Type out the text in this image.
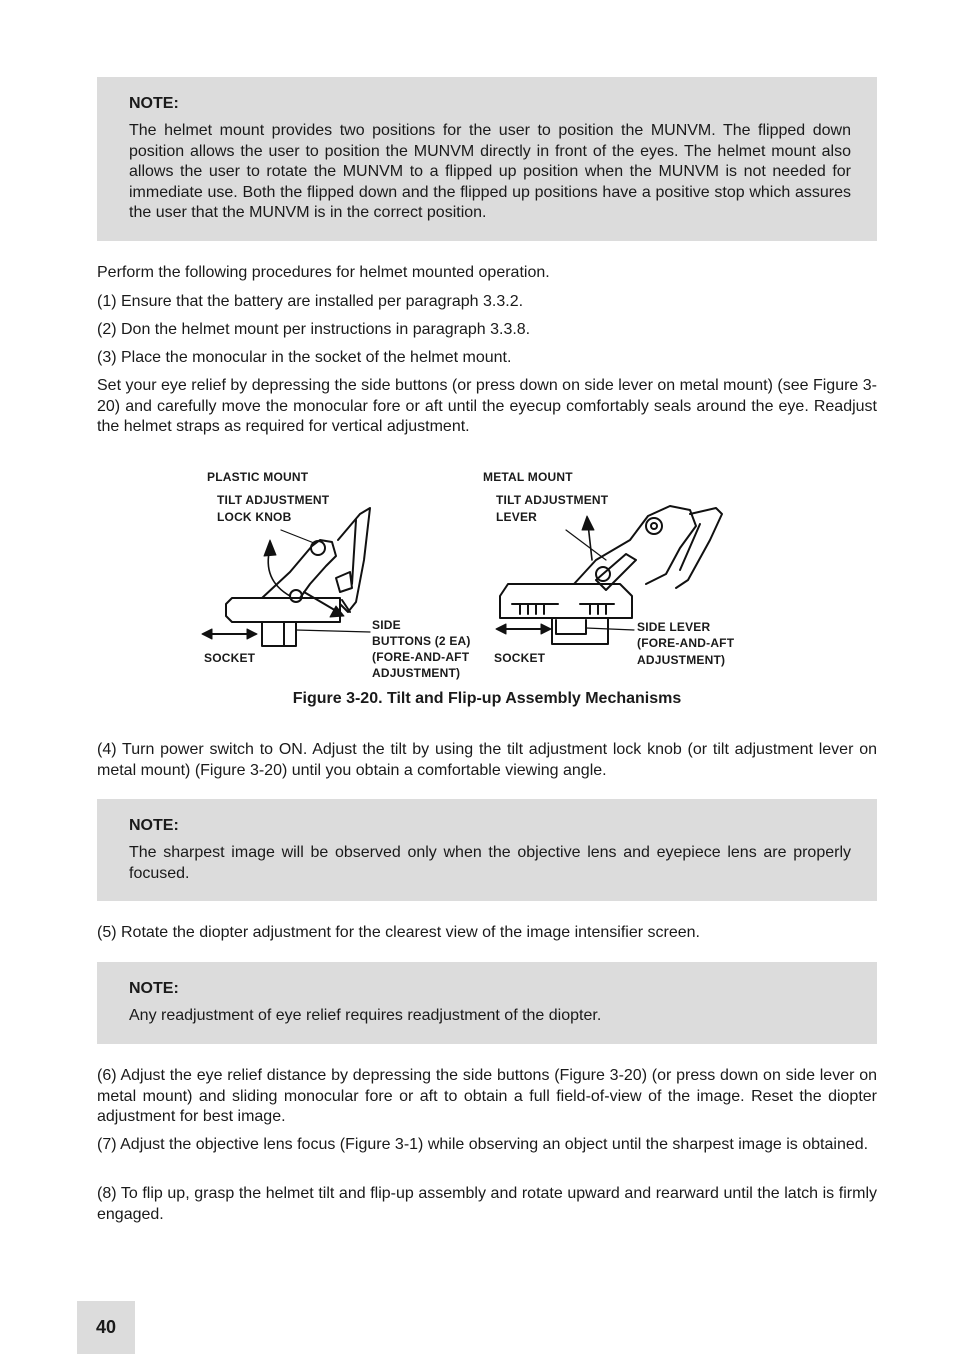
NOTE:

The helmet mount provides two positions for the user to position the MUNVM. The flipped down position allows the user to position the MUNVM directly in front of the eyes. The helmet mount also allows the user to rotate the MUNVM to a flipped up position when the MUNVM is not needed for immediate use. Both the flipped down and the flipped up positions have a positive stop which assures the user that the MUNVM is in the correct position.

Perform the following procedures for helmet mounted operation.

(1) Ensure that the battery are installed per paragraph 3.3.2.

(2) Don the helmet mount per instructions in paragraph 3.3.8.

(3) Place the monocular in the socket of the helmet mount.

Set your eye relief by depressing the side buttons (or press down on side lever on metal mount) (see Figure 3-20) and carefully move the monocular fore or aft until the eyecup comfortably seals around the eye. Readjust the helmet straps as required for vertical adjustment.

PLASTIC MOUNT
TILT ADJUSTMENT
LOCK KNOB
SOCKET
SIDE
BUTTONS (2 EA)
(FORE-AND-AFT
ADJUSTMENT)
METAL MOUNT
TILT ADJUSTMENT
LEVER
SOCKET
SIDE LEVER
(FORE-AND-AFT
ADJUSTMENT)
Figure 3-20. Tilt and Flip-up Assembly Mechanisms

(4) Turn power switch to ON. Adjust the tilt by using the tilt adjustment lock knob (or tilt adjustment lever on metal mount) (Figure 3-20) until you obtain a comfortable viewing angle.

NOTE:

The sharpest image will be observed only when the objective lens and eyepiece lens are properly focused.

(5) Rotate the diopter adjustment for the clearest view of the image intensifier screen.

NOTE:

Any readjustment of eye relief requires readjustment of the diopter.

(6) Adjust the eye relief distance by depressing the side buttons (Figure 3-20) (or press down on side lever on metal mount) and sliding monocular fore or aft to obtain a full field-of-view of the image. Reset the diopter adjustment for best image.

(7) Adjust the objective lens focus (Figure 3-1) while observing an object until the sharpest image is obtained.

(8) To flip up, grasp the helmet tilt and flip-up assembly and rotate upward and rearward until the latch is firmly engaged.

40
